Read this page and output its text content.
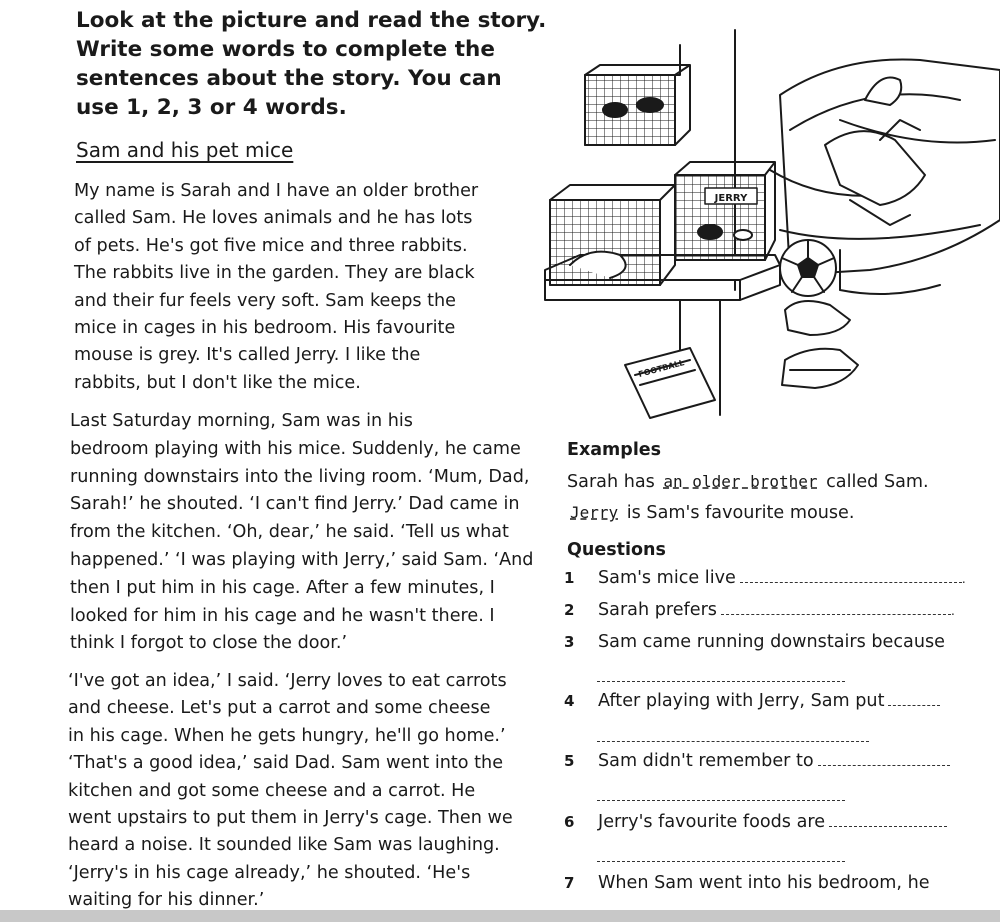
Look at the picture and read the story.
Write some words to complete the
sentences about the story. You can
use 1, 2, 3 or 4 words.
Sam and his pet mice

My name is Sarah and I have an older brother
called Sam. He loves animals and he has lots
of pets. He's got five mice and three rabbits.
The rabbits live in the garden. They are black
and their fur feels very soft. Sam keeps the
mice in cages in his bedroom. His favourite
mouse is grey. It's called Jerry. I like the
rabbits, but I don't like the mice.

Last Saturday morning, Sam was in his
bedroom playing with his mice. Suddenly, he came
running downstairs into the living room. ‘Mum, Dad,
Sarah!’ he shouted. ‘I can't find Jerry.’ Dad came in
from the kitchen. ‘Oh, dear,’ he said. ‘Tell us what
happened.’ ‘I was playing with Jerry,’ said Sam. ‘And
then I put him in his cage. After a few minutes, I
looked for him in his cage and he wasn't there. I
think I forgot to close the door.’

‘I've got an idea,’ I said. ‘Jerry loves to eat carrots
and cheese. Let's put a carrot and some cheese
in his cage. When he gets hungry, he'll go home.’
‘That's a good idea,’ said Dad. Sam went into the
kitchen and got some cheese and a carrot. He
went upstairs to put them in Jerry's cage. Then we
heard a noise. It sounded like Sam was laughing.
‘Jerry's in his cage already,’ he shouted. ‘He's
waiting for his dinner.’

JERRY
FOOTBALL
Examples
Sarah has an older brother called Sam.
Jerry is Sam's favourite mouse.
Questions
1 Sam's mice live	.
2 Sarah prefers	.
3 Sam came running downstairs because
4 After playing with Jerry, Sam put
5 Sam didn't remember to
6 Jerry's favourite foods are
7 When Sam went into his bedroom, he
